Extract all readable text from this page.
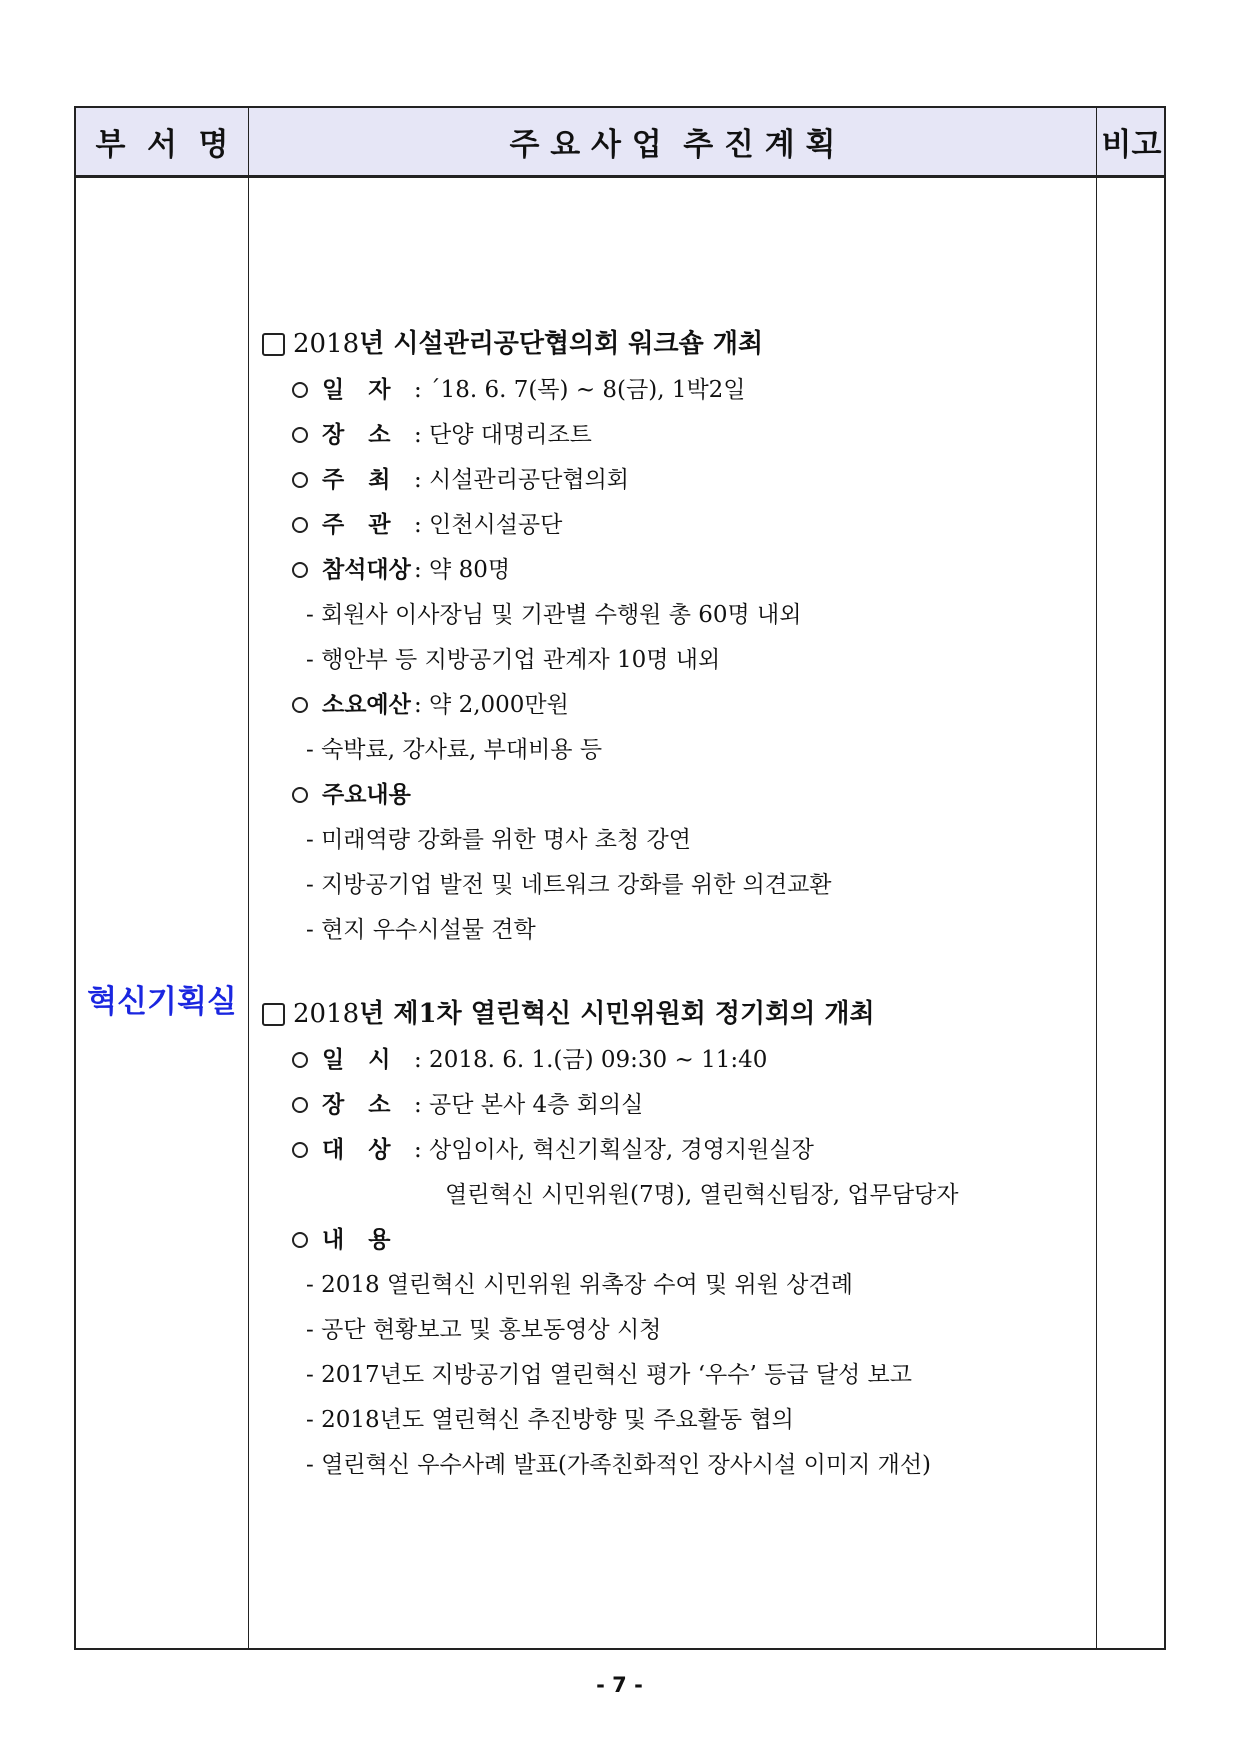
부  서  명	주 요 사 업  추 진 계 획	비고
혁신기획실
2018 년 시설관리공단협의회 워크숍 개최
일   자	: ´18. 6. 7(목) ~ 8(금), 1박2일
장   소	: 단양 대명리조트
주   최	: 시설관리공단협의회
주   관	: 인천시설공단
참석대상 : 약 80명
- 회원사 이사장님 및 기관별 수행원 총 60명 내외
- 행안부 등 지방공기업 관계자 10명 내외
소요예산 : 약 2,000만원
- 숙박료, 강사료, 부대비용 등
주요내용
- 미래역량 강화를 위한 명사 초청 강연
- 지방공기업 발전 및 네트워크 강화를 위한 의견교환
- 현지 우수시설물 견학
2018 년 제1차 열린혁신 시민위원회 정기회의 개최
일   시	: 2018. 6. 1.(금) 09:30 ~ 11:40
장   소	: 공단 본사 4층 회의실
대   상	: 상임이사, 혁신기획실장, 경영지원실장
열린혁신 시민위원(7명), 열린혁신팀장, 업무담당자
내   용
- 2018 열린혁신 시민위원 위촉장 수여 및 위원 상견례
- 공단 현황보고 및 홍보동영상 시청
- 2017년도 지방공기업 열린혁신 평가 ‘우수’ 등급 달성 보고
- 2018년도 열린혁신 추진방향 및 주요활동 협의
- 열린혁신 우수사례 발표(가족친화적인 장사시설 이미지 개선)
- 7 -
